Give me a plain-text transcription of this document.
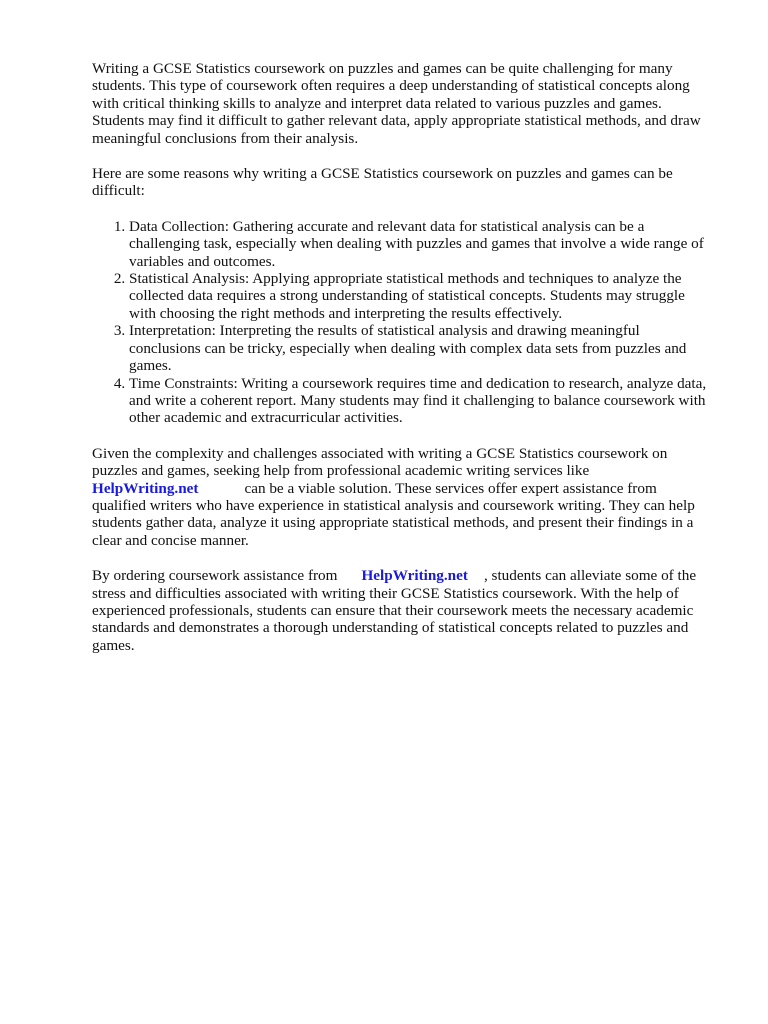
Writing a GCSE Statistics coursework on puzzles and games can be quite challenging for many students. This type of coursework often requires a deep understanding of statistical concepts along with critical thinking skills to analyze and interpret data related to various puzzles and games. Students may find it difficult to gather relevant data, apply appropriate statistical methods, and draw meaningful conclusions from their analysis.

Here are some reasons why writing a GCSE Statistics coursework on puzzles and games can be difficult:

1. Data Collection: Gathering accurate and relevant data for statistical analysis can be a challenging task, especially when dealing with puzzles and games that involve a wide range of variables and outcomes.
2. Statistical Analysis: Applying appropriate statistical methods and techniques to analyze the collected data requires a strong understanding of statistical concepts. Students may struggle with choosing the right methods and interpreting the results effectively.
3. Interpretation: Interpreting the results of statistical analysis and drawing meaningful conclusions can be tricky, especially when dealing with complex data sets from puzzles and games.
4. Time Constraints: Writing a coursework requires time and dedication to research, analyze data, and write a coherent report. Many students may find it challenging to balance coursework with other academic and extracurricular activities.

Given the complexity and challenges associated with writing a GCSE Statistics coursework on puzzles and games, seeking help from professional academic writing services like
HelpWriting.net	can be a viable solution. These services offer expert assistance from qualified writers who have experience in statistical analysis and coursework writing. They can help students gather data, analyze it using appropriate statistical methods, and present their findings in a clear and concise manner.

By ordering coursework assistance from HelpWriting.net , students can alleviate some of the stress and difficulties associated with writing their GCSE Statistics coursework. With the help of experienced professionals, students can ensure that their coursework meets the necessary academic standards and demonstrates a thorough understanding of statistical concepts related to puzzles and games.
